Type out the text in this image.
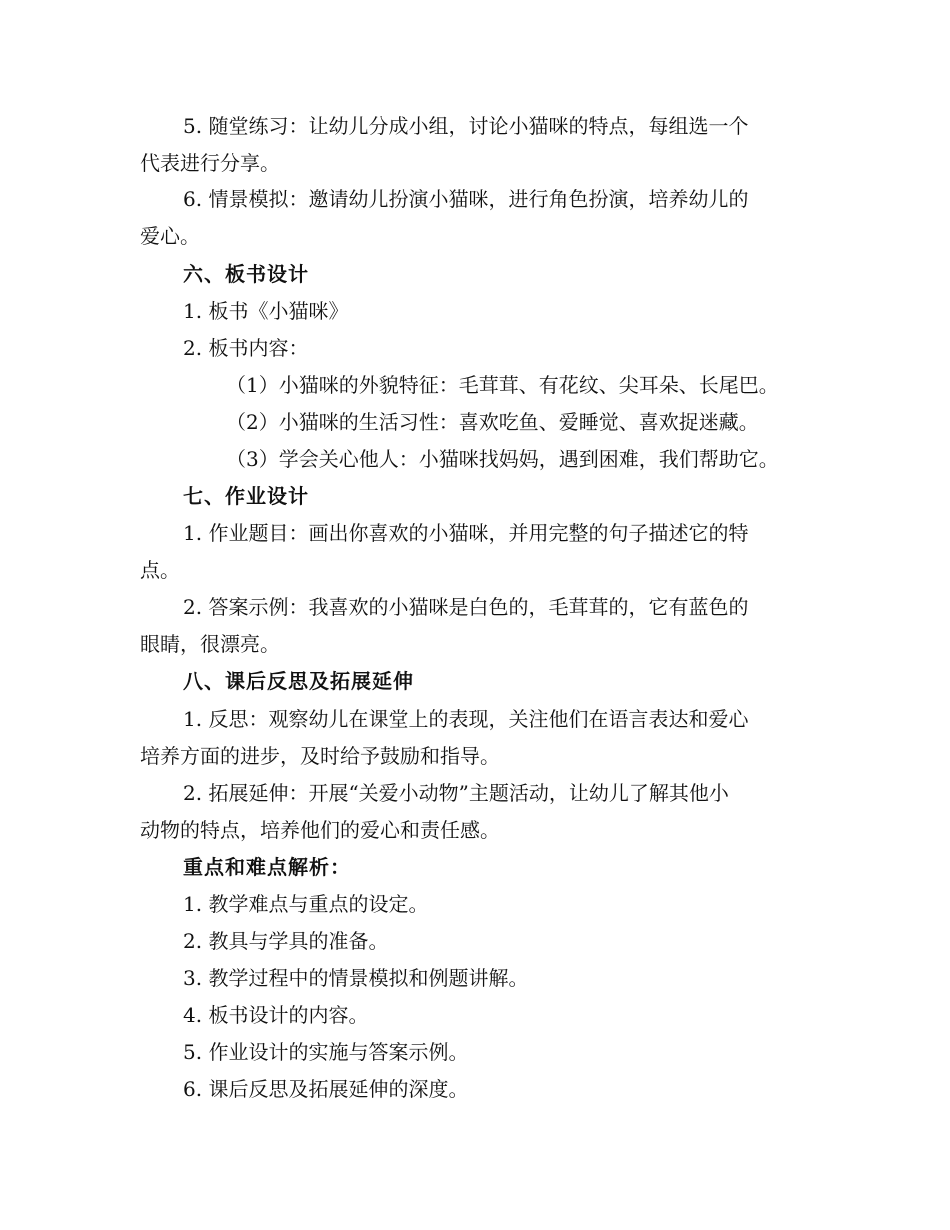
5. 随堂练习：让幼儿分成小组，讨论小猫咪的特点，每组选一个
代表进行分享。
6. 情景模拟：邀请幼儿扮演小猫咪，进行角色扮演，培养幼儿的
爱心。
六、板书设计
1. 板书《小猫咪》
2. 板书内容：
（1）小猫咪的外貌特征：毛茸茸、有花纹、尖耳朵、长尾巴。
（2）小猫咪的生活习性：喜欢吃鱼、爱睡觉、喜欢捉迷藏。
（3）学会关心他人：小猫咪找妈妈，遇到困难，我们帮助它。
七、作业设计
1. 作业题目：画出你喜欢的小猫咪，并用完整的句子描述它的特
点。
2. 答案示例：我喜欢的小猫咪是白色的，毛茸茸的，它有蓝色的
眼睛，很漂亮。
八、课后反思及拓展延伸
1. 反思：观察幼儿在课堂上的表现，关注他们在语言表达和爱心
培养方面的进步，及时给予鼓励和指导。
2. 拓展延伸：开展“关爱小动物”主题活动，让幼儿了解其他小
动物的特点，培养他们的爱心和责任感。
重点和难点解析：
1. 教学难点与重点的设定。
2. 教具与学具的准备。
3. 教学过程中的情景模拟和例题讲解。
4. 板书设计的内容。
5. 作业设计的实施与答案示例。
6. 课后反思及拓展延伸的深度。
